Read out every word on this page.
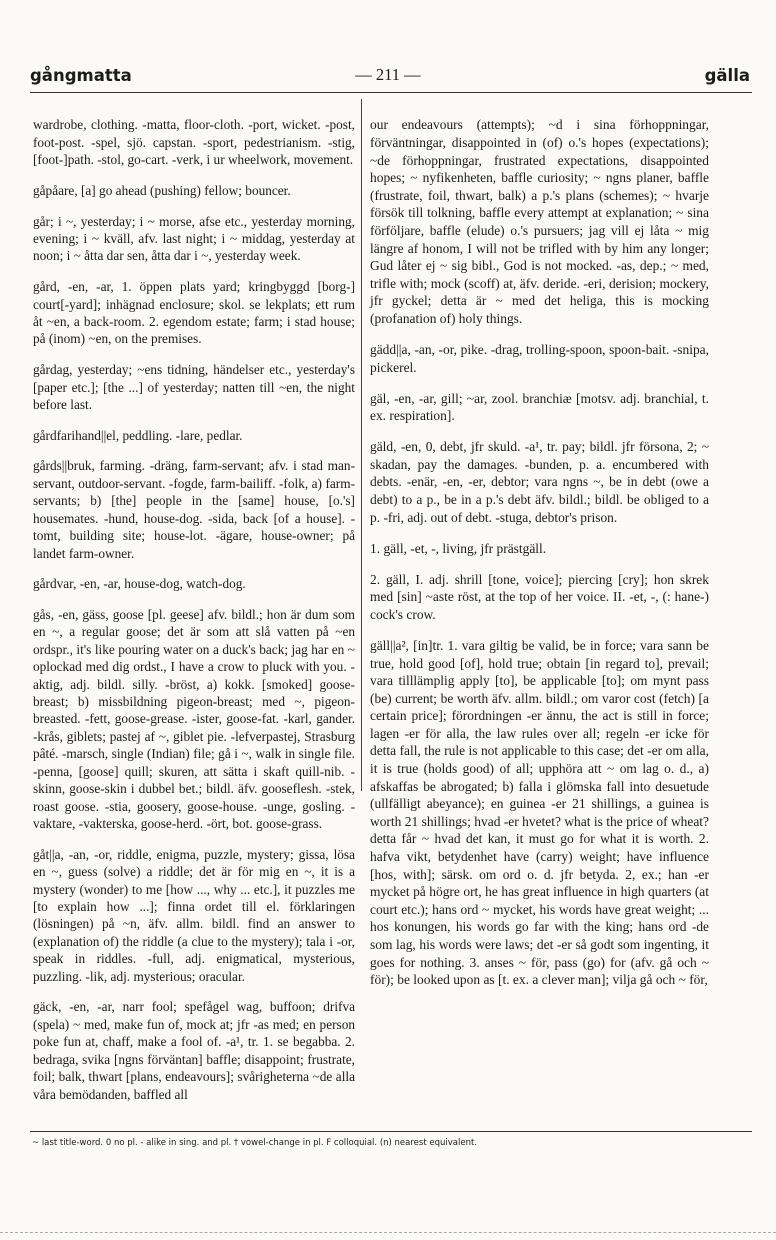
gångmatta	— 211 —	gälla

wardrobe, clothing. -matta, floor-cloth. -port, wicket. -post, foot-post. -spel, sjö. capstan. -sport, pedestrianism. -stig, [foot-]path. -stol, go-cart. -verk, i ur wheelwork, movement.

gåpåare, [a] go ahead (pushing) fellow; bouncer.

går; i ~, yesterday; i ~ morse, afse etc., yesterday morning, evening; i ~ kväll, afv. last night; i ~ middag, yesterday at noon; i ~ åtta dar sen, åtta dar i ~, yesterday week.

gård, -en, -ar, 1. öppen plats yard; kringbyggd [borg-] court[-yard]; inhägnad enclosure; skol. se lekplats; ett rum åt ~en, a back-room. 2. egendom estate; farm; i stad house; på (inom) ~en, on the premises.

gårdag, yesterday; ~ens tidning, händelser etc., yesterday's [paper etc.]; [the ...] of yesterday; natten till ~en, the night before last.

gårdfarihand||el, peddling. -lare, pedlar.

gårds||bruk, farming. -dräng, farm-servant; afv. i stad man-servant, outdoor-servant. -fogde, farm-bailiff. -folk, a) farm-servants; b) [the] people in the [same] house, [o.'s] housemates. -hund, house-dog. -sida, back [of a house]. -tomt, building site; house-lot. -ägare, house-owner; på landet farm-owner.

gårdvar, -en, -ar, house-dog, watch-dog.

gås, -en, gäss, goose [pl. geese] afv. bildl.; hon är dum som en ~, a regular goose; det är som att slå vatten på ~en ordspr., it's like pouring water on a duck's back; jag har en ~ oplockad med dig ordst., I have a crow to pluck with you. -aktig, adj. bildl. silly. -bröst, a) kokk. [smoked] goose-breast; b) missbildning pigeon-breast; med ~, pigeon-breasted. -fett, goose-grease. -ister, goose-fat. -karl, gander. -krås, giblets; pastej af ~, giblet pie. -lefverpastej, Strasburg pâté. -marsch, single (Indian) file; gå i ~, walk in single file. -penna, [goose] quill; skuren, att sätta i skaft quill-nib. -skinn, goose-skin i dubbel bet.; bildl. äfv. gooseflesh. -stek, roast goose. -stia, goosery, goose-house. -unge, gosling. -vaktare, -vakterska, goose-herd. -ört, bot. goose-grass.

gåt||a, -an, -or, riddle, enigma, puzzle, mystery; gissa, lösa en ~, guess (solve) a riddle; det är för mig en ~, it is a mystery (wonder) to me [how ..., why ... etc.], it puzzles me [to explain how ...]; finna ordet till el. förklaringen (lösningen) på ~n, äfv. allm. bildl. find an answer to (explanation of) the riddle (a clue to the mystery); tala i -or, speak in riddles. -full, adj. enigmatical, mysterious, puzzling. -lik, adj. mysterious; oracular.

gäck, -en, -ar, narr fool; spefågel wag, buffoon; drifva (spela) ~ med, make fun of, mock at; jfr -as med; en person poke fun at, chaff, make a fool of. -a¹, tr. 1. se begabba. 2. bedraga, svika [ngns förväntan] baffle; disappoint; frustrate, foil; balk, thwart [plans, endeavours]; svårigheterna ~de alla våra bemödanden, baffled all

our endeavours (attempts); ~d i sina förhoppningar, förväntningar, disappointed in (of) o.'s hopes (expectations); ~de förhoppningar, frustrated expectations, disappointed hopes; ~ nyfikenheten, baffle curiosity; ~ ngns planer, baffle (frustrate, foil, thwart, balk) a p.'s plans (schemes); ~ hvarje försök till tolkning, baffle every attempt at explanation; ~ sina förföljare, baffle (elude) o.'s pursuers; jag vill ej låta ~ mig längre af honom, I will not be trifled with by him any longer; Gud låter ej ~ sig bibl., God is not mocked. -as, dep.; ~ med, trifle with; mock (scoff) at, äfv. deride. -eri, derision; mockery, jfr gyckel; detta är ~ med det heliga, this is mocking (profanation of) holy things.

gädd||a, -an, -or, pike. -drag, trolling-spoon, spoon-bait. -snipa, pickerel.

gäl, -en, -ar, gill; ~ar, zool. branchiæ [motsv. adj. branchial, t. ex. respiration].

gäld, -en, 0, debt, jfr skuld. -a¹, tr. pay; bildl. jfr försona, 2; ~ skadan, pay the damages. -bunden, p. a. encumbered with debts. -enär, -en, -er, debtor; vara ngns ~, be in debt (owe a debt) to a p., be in a p.'s debt äfv. bildl.; bildl. be obliged to a p. -fri, adj. out of debt. -stuga, debtor's prison.

1. gäll, -et, -, living, jfr prästgäll.

2. gäll, I. adj. shrill [tone, voice]; piercing [cry]; hon skrek med [sin] ~aste röst, at the top of her voice. II. -et, -, (: hane-) cock's crow.

gäll||a², [in]tr. 1. vara giltig be valid, be in force; vara sann be true, hold good [of], hold true; obtain [in regard to], prevail; vara tilllämplig apply [to], be applicable [to]; om mynt pass (be) current; be worth äfv. allm. bildl.; om varor cost (fetch) [a certain price]; förordningen -er ännu, the act is still in force; lagen -er för alla, the law rules over all; regeln -er icke för detta fall, the rule is not applicable to this case; det -er om alla, it is true (holds good) of all; upphöra att ~ om lag o. d., a) afskaffas be abrogated; b) falla i glömska fall into desuetude (ullfälligt abeyance); en guinea -er 21 shillings, a guinea is worth 21 shillings; hvad -er hvetet? what is the price of wheat? detta får ~ hvad det kan, it must go for what it is worth. 2. hafva vikt, betydenhet have (carry) weight; have influence [hos, with]; särsk. om ord o. d. jfr betydа. 2, ex.; han -er mycket på högre ort, he has great influence in high quarters (at court etc.); hans ord ~ mycket, his words have great weight; ... hos konungen, his words go far with the king; hans ord -de som lag, his words were laws; det -er så godt som ingenting, it goes for nothing. 3. anses ~ för, pass (go) for (afv. gå och ~ för); be looked upon as [t. ex. a clever man]; vilja gå och ~ för,

~ last title-word. 0 no pl. - alike in sing. and pl. † vowel-change in pl. F colloquial. (n) nearest equivalent.
